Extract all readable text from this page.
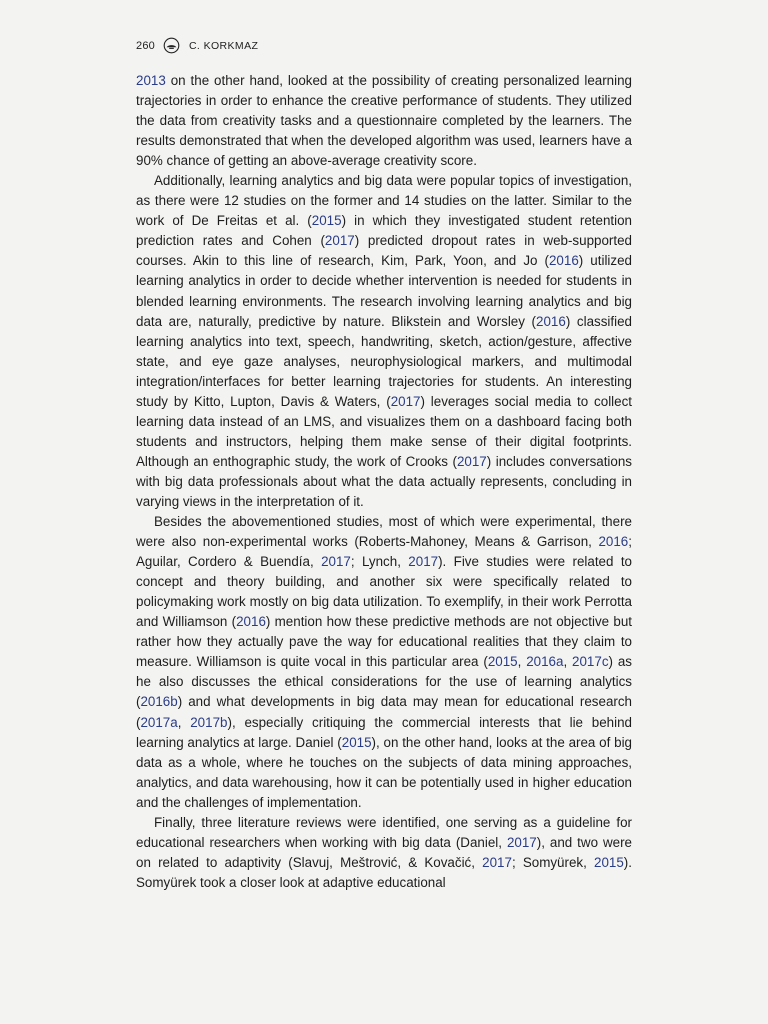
260	C. KORKMAZ

2013 on the other hand, looked at the possibility of creating personalized learning trajectories in order to enhance the creative performance of students. They utilized the data from creativity tasks and a questionnaire completed by the learners. The results demonstrated that when the developed algorithm was used, learners have a 90% chance of getting an above-average creativity score.

Additionally, learning analytics and big data were popular topics of investigation, as there were 12 studies on the former and 14 studies on the latter. Similar to the work of De Freitas et al. (2015) in which they investigated student retention prediction rates and Cohen (2017) predicted dropout rates in web-supported courses. Akin to this line of research, Kim, Park, Yoon, and Jo (2016) utilized learning analytics in order to decide whether intervention is needed for students in blended learning environments. The research involving learning analytics and big data are, naturally, predictive by nature. Blikstein and Worsley (2016) classified learning analytics into text, speech, handwriting, sketch, action/gesture, affective state, and eye gaze analyses, neurophysiological markers, and multimodal integration/interfaces for better learning trajectories for students. An interesting study by Kitto, Lupton, Davis & Waters, (2017) leverages social media to collect learning data instead of an LMS, and visualizes them on a dashboard facing both students and instructors, helping them make sense of their digital footprints. Although an enthographic study, the work of Crooks (2017) includes conversations with big data professionals about what the data actually represents, concluding in varying views in the interpretation of it.

Besides the abovementioned studies, most of which were experimental, there were also non-experimental works (Roberts-Mahoney, Means & Garrison, 2016; Aguilar, Cordero & Buendía, 2017; Lynch, 2017). Five studies were related to concept and theory building, and another six were specifically related to policymaking work mostly on big data utilization. To exemplify, in their work Perrotta and Williamson (2016) mention how these predictive methods are not objective but rather how they actually pave the way for educational realities that they claim to measure. Williamson is quite vocal in this particular area (2015, 2016a, 2017c) as he also discusses the ethical considerations for the use of learning analytics (2016b) and what developments in big data may mean for educational research (2017a, 2017b), especially critiquing the commercial interests that lie behind learning analytics at large. Daniel (2015), on the other hand, looks at the area of big data as a whole, where he touches on the subjects of data mining approaches, analytics, and data warehousing, how it can be potentially used in higher education and the challenges of implementation.

Finally, three literature reviews were identified, one serving as a guideline for educational researchers when working with big data (Daniel, 2017), and two were on related to adaptivity (Slavuj, Meštrović, & Kovačić, 2017; Somyürek, 2015). Somyürek took a closer look at adaptive educational
